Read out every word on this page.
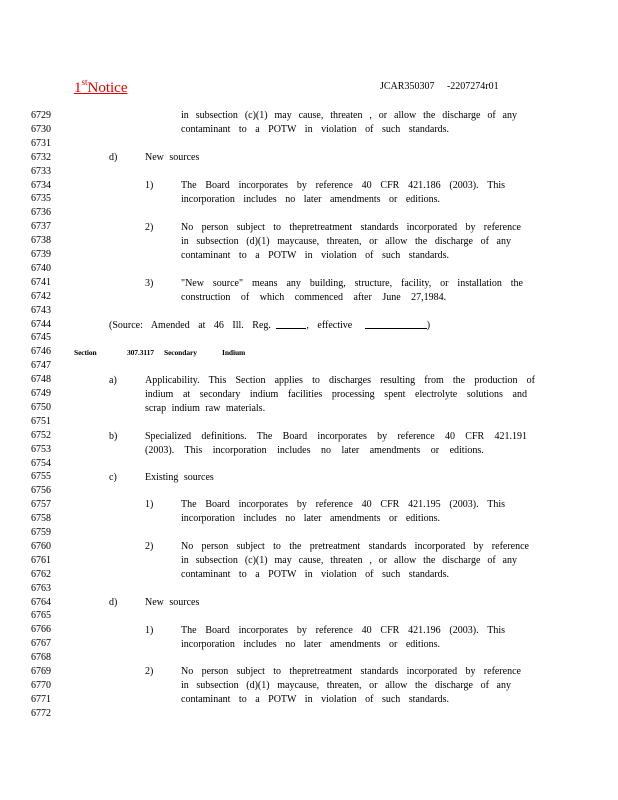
1stNotice	JCAR350307 -2207274r01
6729
6730
6731
6732
6733
6734
6735
6736
6737
6738
6739
6740
6741
6742
6743
6744
6745
6746
6747
6748
6749
6750
6751
6752
6753
6754
6755
6756
6757
6758
6759
6760
6761
6762
6763
6764
6765
6766
6767
6768
6769
6770
6771
6772
in subsection (c)(1) may cause, threaten , or allow the discharge of any
contaminant to a POTW in violation of such standards.
d)	New sources
1)	The Board incorporates by reference 40 CFR 421.186 (2003). This
incorporation includes no later amendments or editions.
2)	No person subject to thepretreatment standards incorporated by reference
in subsection (d)(1) maycause, threaten, or allow the discharge of any
contaminant to a POTW in violation of such standards.
3)	"New source" means any building, structure, facility, or installation the
construction of which commenced after June 27,1984.
(Source: Amended at 46 Ill. Reg.	, effective	)
Section	307.3117 Secondary	Indium
a)	Applicability. This Section applies to discharges resulting from the production of
indium at secondary indium facilities processing spent electrolyte solutions and
scrap indium raw materials.
b)	Specialized definitions. The Board incorporates by reference 40 CFR 421.191
(2003). This incorporation includes no later amendments or editions.
c)	Existing sources
1)	The Board incorporates by reference 40 CFR 421.195 (2003). This
incorporation includes no later amendments or editions.
2)	No person subject to the pretreatment standards incorporated by reference
in subsection (c)(1) may cause, threaten , or allow the discharge of any
contaminant to a POTW in violation of such standards.
d)	New sources
1)	The Board incorporates by reference 40 CFR 421.196 (2003). This
incorporation includes no later amendments or editions.
2)	No person subject to thepretreatment standards incorporated by reference
in subsection (d)(1) maycause, threaten, or allow the discharge of any
contaminant to a POTW in violation of such standards.
